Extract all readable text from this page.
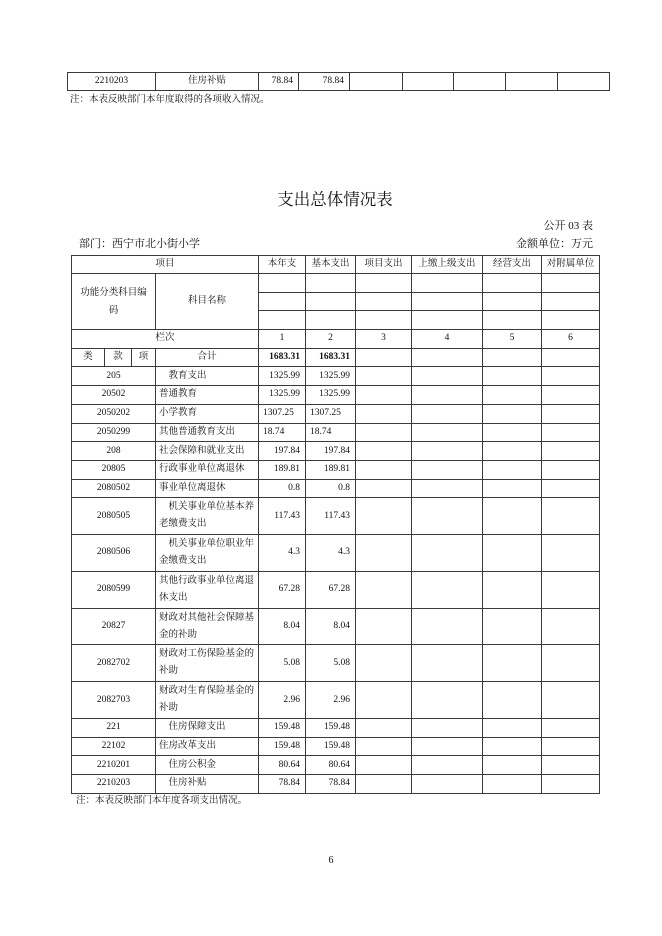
2210203	住房补贴	78.84	78.84					
注：本表反映部门本年度取得的各项收入情况。
支出总体情况表
公开 03 表
部门：西宁市北小街小学	金额单位：万元
项目				本年支	基本支出	项目支出	上缴上级支出	经营支出	对附属单位

功能分类科目编码			科目名称						

栏次				1	2	3	4	5	6
类	款	项	合计	1683.31	1683.31				
205			教育支出	1325.99	1325.99				
20502			普通教育	1325.99	1325.99				
2050202			小学教育	1307.25	1307.25				
2050299			其他普通教育支出	18.74	18.74				
208			社会保障和就业支出	197.84	197.84				
20805			行政事业单位离退休	189.81	189.81				
2080502			事业单位离退休	0.8	0.8				
2080505			机关事业单位基本养老缴费支出	117.43	117.43				
2080506			机关事业单位职业年金缴费支出	4.3	4.3				
2080599			其他行政事业单位离退休支出	67.28	67.28				
20827			财政对其他社会保障基金的补助	8.04	8.04				
2082702			财政对工伤保险基金的补助	5.08	5.08				
2082703			财政对生育保险基金的补助	2.96	2.96				
221			住房保障支出	159.48	159.48				
22102			住房改革支出	159.48	159.48				
2210201			住房公积金	80.64	80.64				
2210203			住房补贴	78.84	78.84				
注：本表反映部门本年度各项支出情况。
6
